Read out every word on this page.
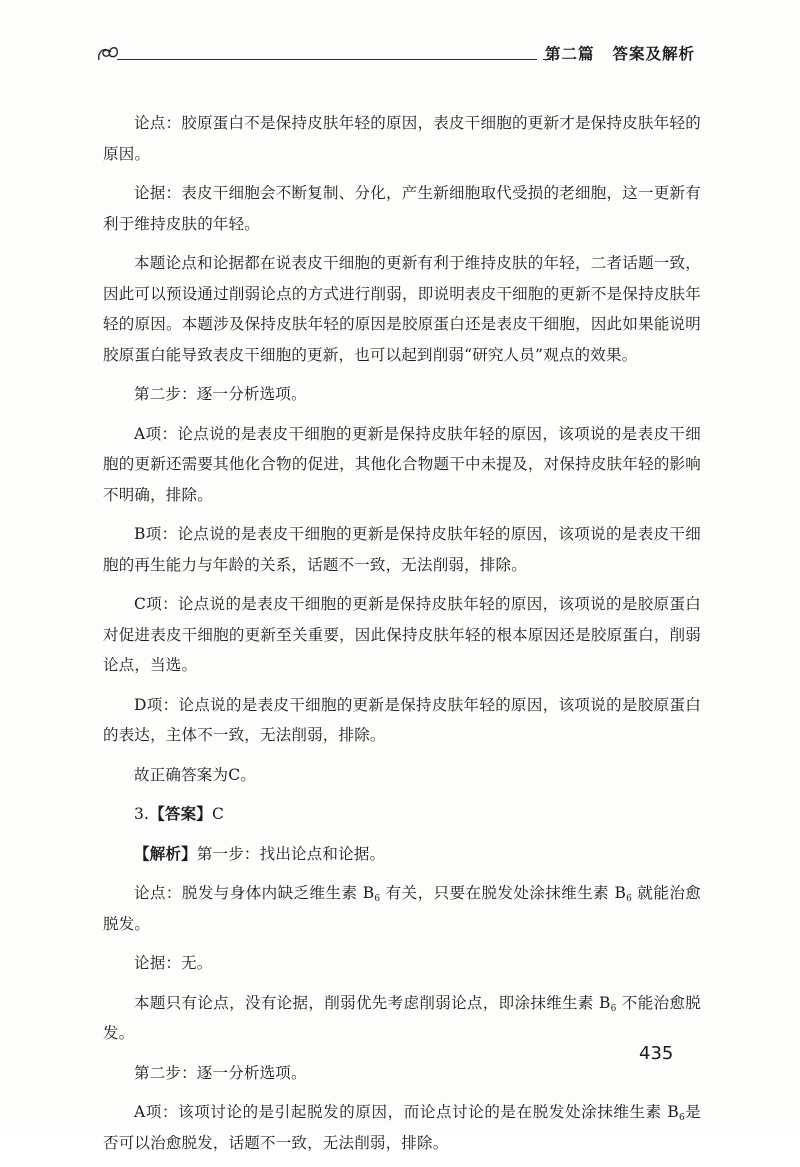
第二篇 答案及解析

论点：胶原蛋白不是保持皮肤年轻的原因，表皮干细胞的更新才是保持皮肤年轻的原因。

论据：表皮干细胞会不断复制、分化，产生新细胞取代受损的老细胞，这一更新有利于维持皮肤的年轻。

本题论点和论据都在说表皮干细胞的更新有利于维持皮肤的年轻，二者话题一致，因此可以预设通过削弱论点的方式进行削弱，即说明表皮干细胞的更新不是保持皮肤年轻的原因。本题涉及保持皮肤年轻的原因是胶原蛋白还是表皮干细胞，因此如果能说明胶原蛋白能导致表皮干细胞的更新，也可以起到削弱“研究人员”观点的效果。

第二步：逐一分析选项。

A项：论点说的是表皮干细胞的更新是保持皮肤年轻的原因，该项说的是表皮干细胞的更新还需要其他化合物的促进，其他化合物题干中未提及，对保持皮肤年轻的影响不明确，排除。

B项：论点说的是表皮干细胞的更新是保持皮肤年轻的原因，该项说的是表皮干细胞的再生能力与年龄的关系，话题不一致，无法削弱，排除。

C项：论点说的是表皮干细胞的更新是保持皮肤年轻的原因，该项说的是胶原蛋白对促进表皮干细胞的更新至关重要，因此保持皮肤年轻的根本原因还是胶原蛋白，削弱论点，当选。

D项：论点说的是表皮干细胞的更新是保持皮肤年轻的原因，该项说的是胶原蛋白的表达，主体不一致，无法削弱，排除。

故正确答案为C。

3.【答案】C

【解析】第一步：找出论点和论据。

论点：脱发与身体内缺乏维生素 $B_6$ 有关，只要在脱发处涂抹维生素 $B_6$ 就能治愈脱发。

论据：无。

本题只有论点，没有论据，削弱优先考虑削弱论点，即涂抹维生素 $B_6$ 不能治愈脱发。

第二步：逐一分析选项。

A项：该项讨论的是引起脱发的原因，而论点讨论的是在脱发处涂抹维生素 $B_6$是否可以治愈脱发，话题不一致，无法削弱，排除。

435
